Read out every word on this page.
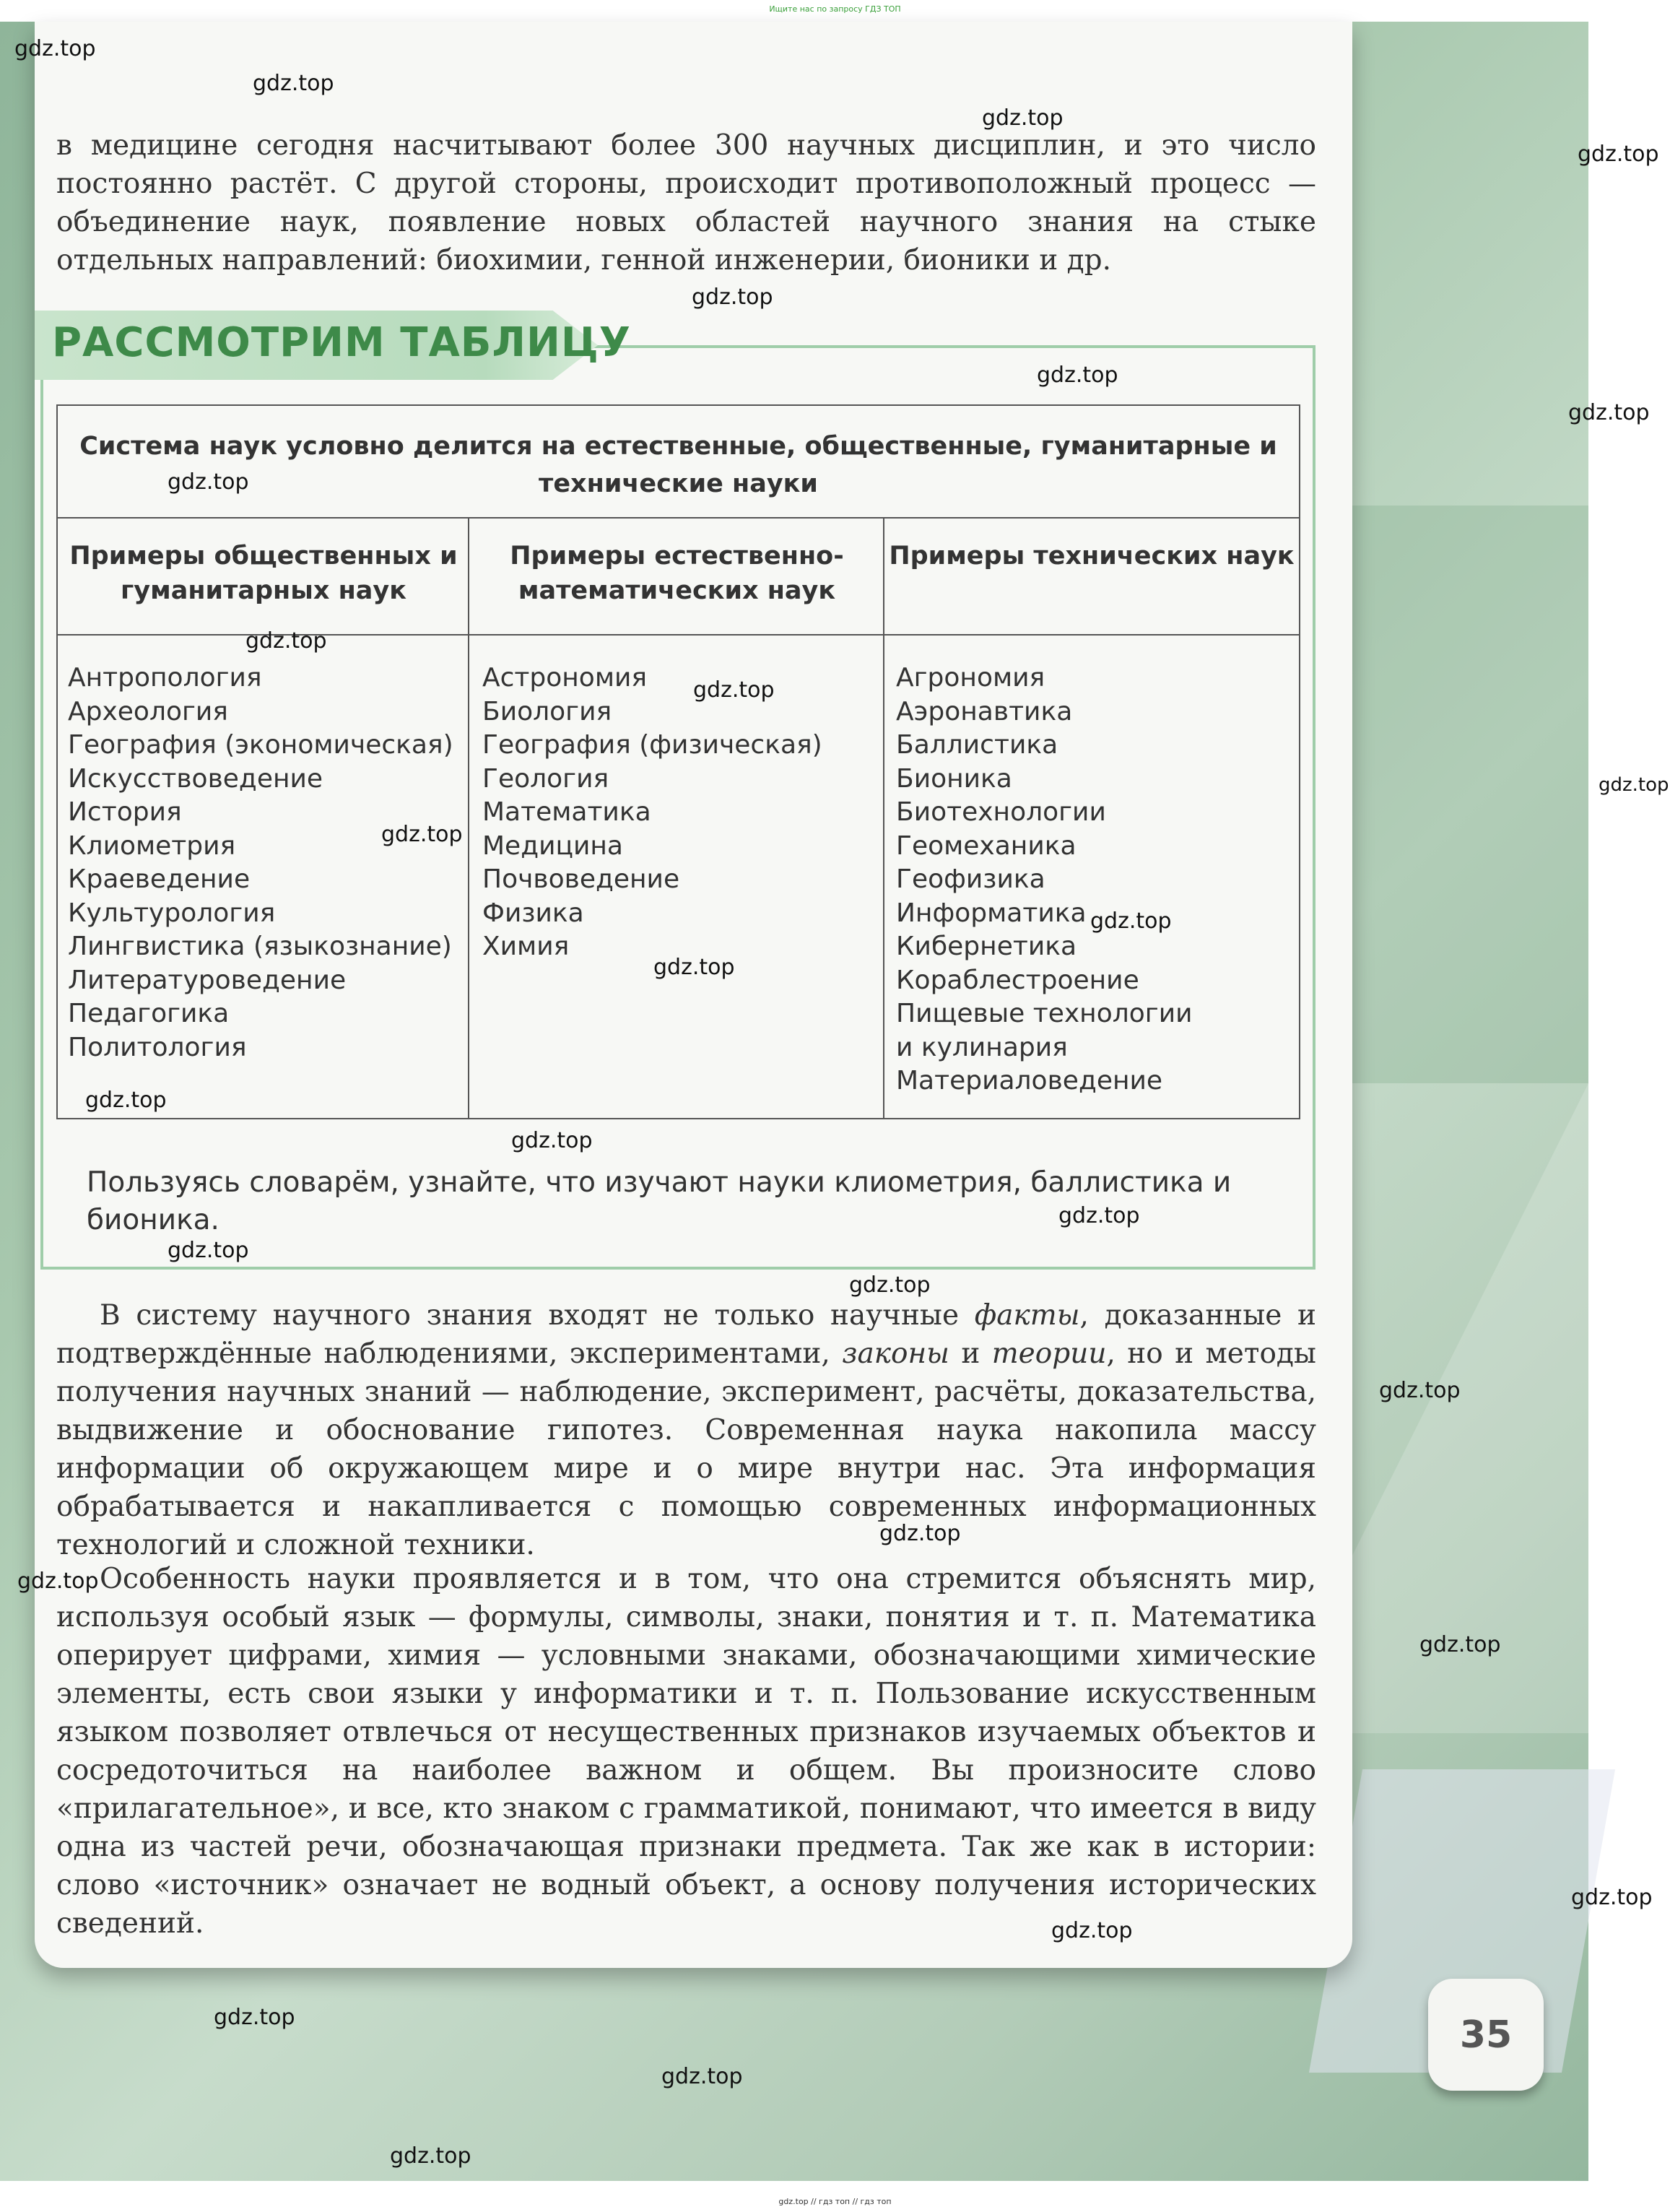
Ищите нас по запросу ГДЗ ТОП

в медицине сегодня насчитывают более 300 научных дисциплин, и это число постоянно растёт. С другой стороны, происходит противоположный процесс — объединение наук, появление новых областей научного знания на стыке отдельных направлений: биохимии, генной инженерии, бионики и др.

РАССМОТРИМ ТАБЛИЦУ
Система наук условно делится на естественные, общественные, гуманитарные и технические науки
Примеры общественных и гуманитарных наук
Примеры естественно-математических наук
Примеры технических наук
Антропология
Археология
География (экономическая)
Искусствоведение
История
Клиометрия
Краеведение
Культурология
Лингвистика (языкознание)
Литературоведение
Педагогика
Политология
Астрономия
Биология
География (физическая)
Геология
Математика
Медицина
Почвоведение
Физика
Химия
Агрономия
Аэронавтика
Баллистика
Бионика
Биотехнологии
Геомеханика
Геофизика
Информатика
Кибернетика
Кораблестроение
Пищевые технологии
и кулинария
Материаловедение

Пользуясь словарём, узнайте, что изучают науки клиометрия, баллистика и бионика.

В систему научного знания входят не только научные факты, доказанные и подтверждённые наблюдениями, экспериментами, законы и теории, но и методы получения научных знаний — наблюдение, эксперимент, расчёты, доказательства, выдвижение и обоснование гипотез. Современная наука накопила массу информации об окружающем мире и о мире внутри нас. Эта информация обрабатывается и накапливается с помощью современных информационных технологий и сложной техники.

Особенность науки проявляется и в том, что она стремится объяснять мир, используя особый язык — формулы, символы, знаки, понятия и т. п. Математика оперирует цифрами, химия — условными знаками, обозначающими химические элементы, есть свои языки у информатики и т. п. Пользование искусственным языком позволяет отвлечься от несущественных признаков изучаемых объектов и сосредоточиться на наиболее важном и общем. Вы произносите слово «прилагательное», и все, кто знаком с грамматикой, понимают, что имеется в виду одна из частей речи, обозначающая признаки предмета. Так же как в истории: слово «источник» означает не водный объект, а основу получения исторических сведений.

35
gdz.top
gdz.top
gdz.top
gdz.top
gdz.top
gdz.top
gdz.top
gdz.top
gdz.top
gdz.top
gdz.top
gdz.top
gdz.top
gdz.top
gdz.top
gdz.top
gdz.top
gdz.top
gdz.top
gdz.top
gdz.top
gdz.top
gdz.top
gdz.top
gdz.top
gdz.top
gdz.top
gdz.top
gdz.top // гдз топ // гдз топ
